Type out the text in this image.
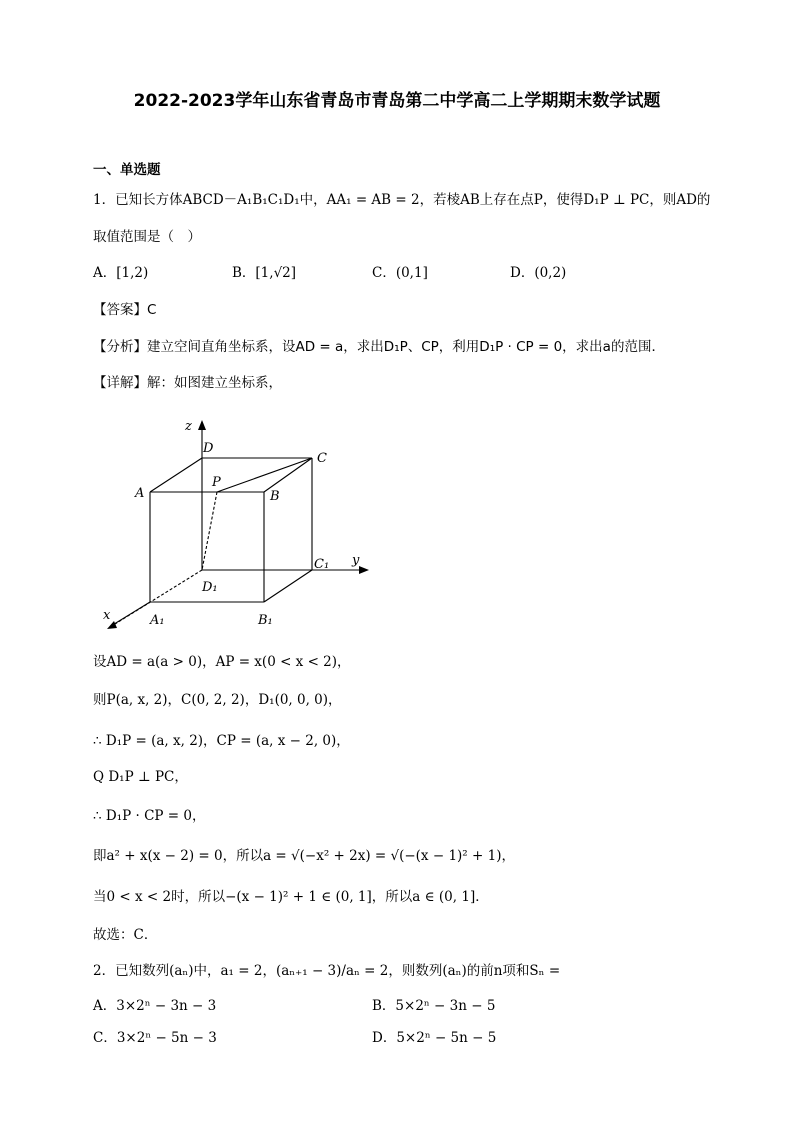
2022-2023学年山东省青岛市青岛第二中学高二上学期期末数学试题
一、单选题
1．已知长方体ABCD－A₁B₁C₁D₁中，AA₁ = AB = 2，若棱AB上存在点P，使得D₁P ⊥ PC，则AD的
取值范围是（　）
A．[1,2)	B．[1,√2]	C．(0,1]	D．(0,2)
【答案】C
【分析】建立空间直角坐标系，设AD = a，求出D₁P、CP，利用D₁P · CP = 0，求出a的范围．
【详解】解：如图建立坐标系，
z
D
C
P
A	B
C₁ y
D₁
x	A₁	B₁
设AD = a(a > 0)，AP = x(0 < x < 2)，
则P(a, x, 2)，C(0, 2, 2)，D₁(0, 0, 0)，
∴ D₁P = (a, x, 2)，CP = (a, x − 2, 0)，
Q D₁P ⊥ PC，
∴ D₁P · CP = 0，
即a² + x(x − 2) = 0，所以a = √(−x² + 2x) = √(−(x − 1)² + 1)，
当0 < x < 2时，所以−(x − 1)² + 1 ∈ (0, 1]，所以a ∈ (0, 1]．
故选：C．
2．已知数列(aₙ)中，a₁ = 2，(aₙ₊₁ − 3)/aₙ = 2，则数列(aₙ)的前n项和Sₙ =
A．3×2ⁿ − 3n − 3	B．5×2ⁿ − 3n − 5
C．3×2ⁿ − 5n − 3	D．5×2ⁿ − 5n − 5
